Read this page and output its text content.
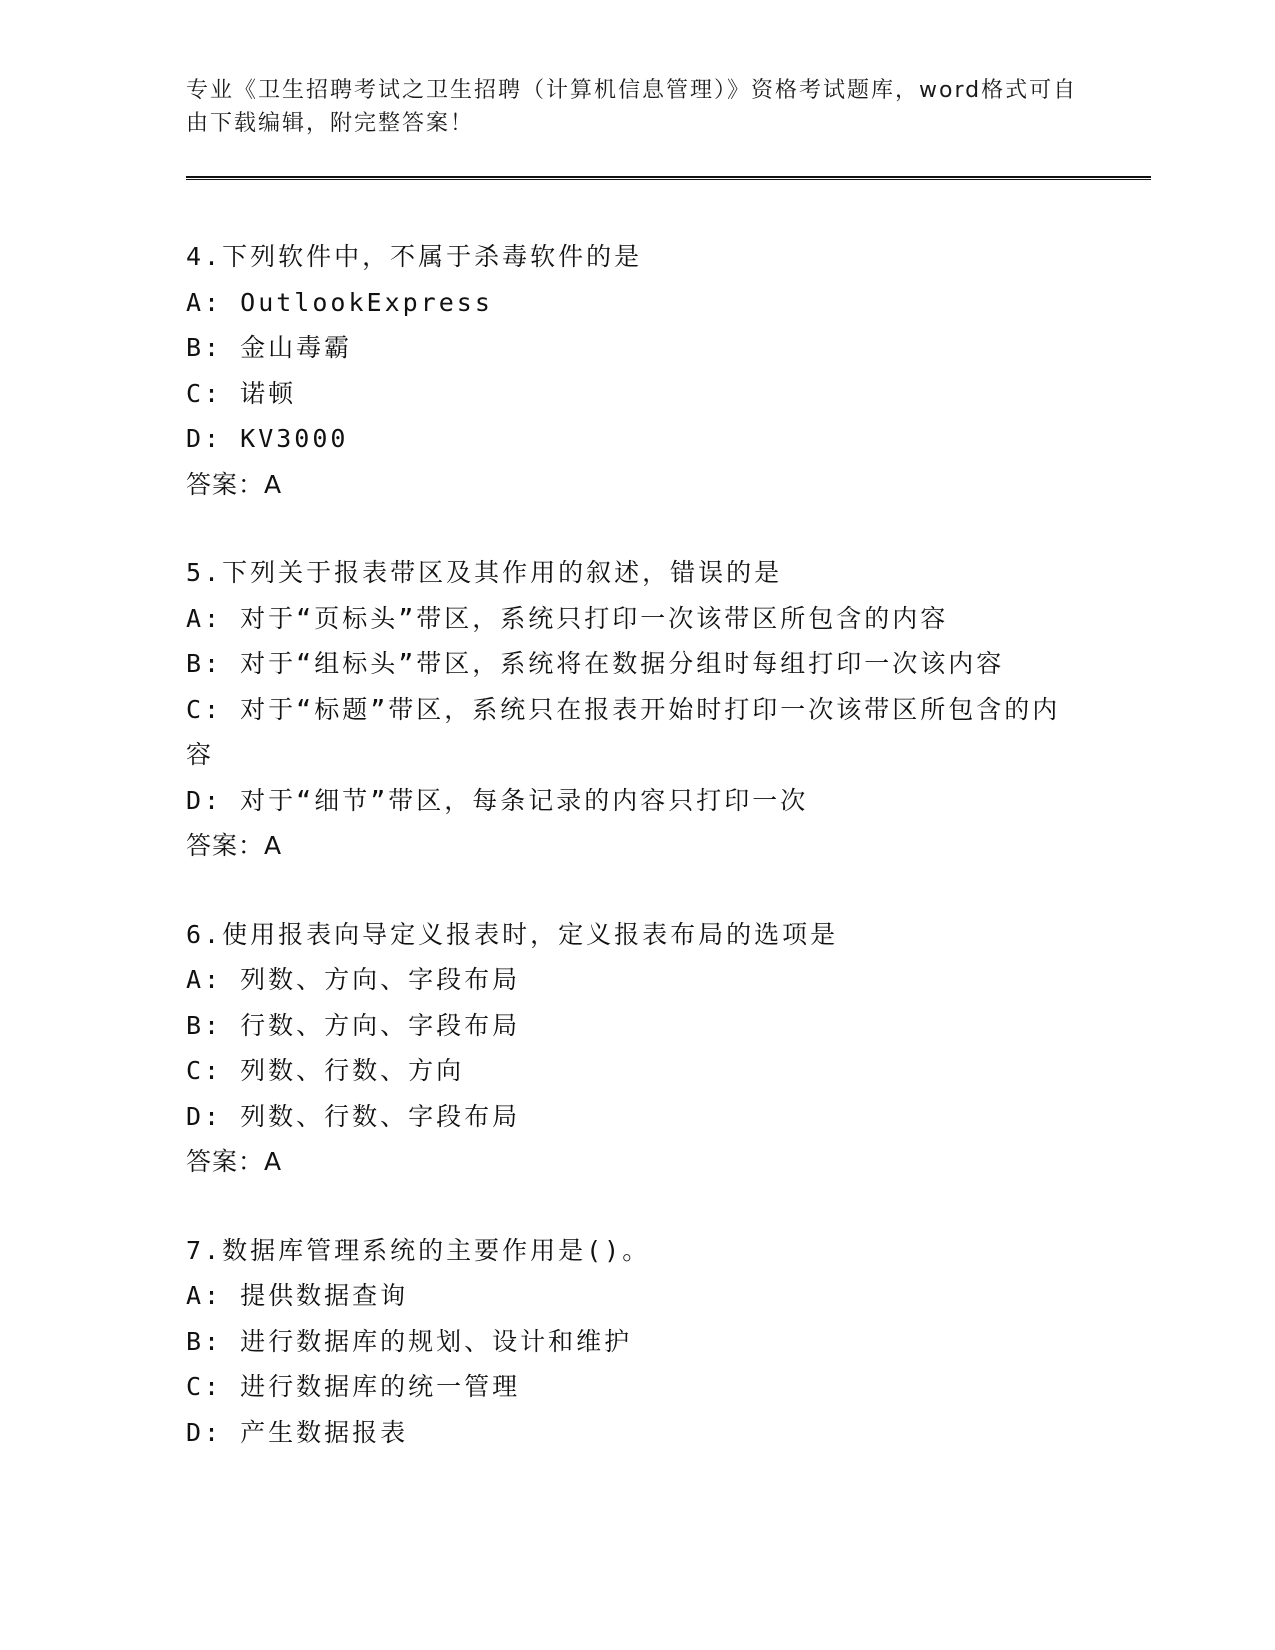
专业《卫生招聘考试之卫生招聘（计算机信息管理）》资格考试题库，word格式可自由下载编辑，附完整答案！
4.下列软件中，不属于杀毒软件的是
A: OutlookExpress
B: 金山毒霸
C: 诺顿
D: KV3000
答案：A
5.下列关于报表带区及其作用的叙述，错误的是
A: 对于“页标头”带区，系统只打印一次该带区所包含的内容
B: 对于“组标头”带区，系统将在数据分组时每组打印一次该内容
C: 对于“标题”带区，系统只在报表开始时打印一次该带区所包含的内容
D: 对于“细节”带区，每条记录的内容只打印一次
答案：A
6.使用报表向导定义报表时，定义报表布局的选项是
A: 列数、方向、字段布局
B: 行数、方向、字段布局
C: 列数、行数、方向
D: 列数、行数、字段布局
答案：A
7.数据库管理系统的主要作用是()。
A: 提供数据查询
B: 进行数据库的规划、设计和维护
C: 进行数据库的统一管理
D: 产生数据报表
